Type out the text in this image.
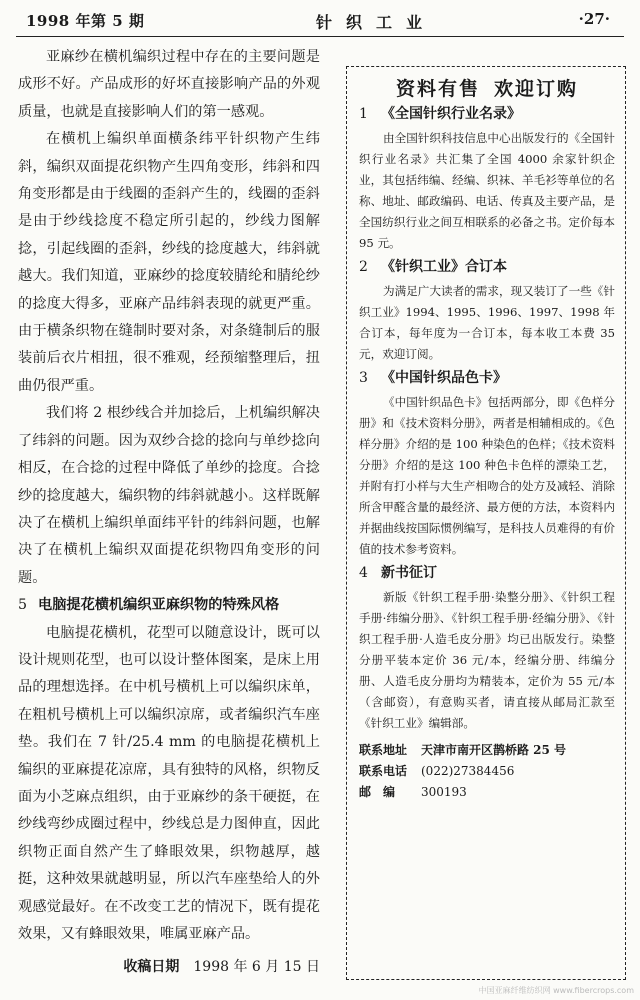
1998 年第 5 期	针织工业	·27·

亚麻纱在横机编织过程中存在的主要问题是成形不好。产品成形的好坏直接影响产品的外观质量，也就是直接影响人们的第一感观。

在横机上编织单面横条纬平针织物产生纬斜，编织双面提花织物产生四角变形，纬斜和四角变形都是由于线圈的歪斜产生的，线圈的歪斜是由于纱线捻度不稳定所引起的，纱线力图解捻，引起线圈的歪斜，纱线的捻度越大，纬斜就越大。我们知道，亚麻纱的捻度较腈纶和腈纶纱的捻度大得多，亚麻产品纬斜表现的就更严重。由于横条织物在缝制时要对条，对条缝制后的服装前后衣片相扭，很不雅观，经预缩整理后，扭曲仍很严重。

我们将 2 根纱线合并加捻后，上机编织解决了纬斜的问题。因为双纱合捻的捻向与单纱捻向相反，在合捻的过程中降低了单纱的捻度。合捻纱的捻度越大，编织物的纬斜就越小。这样既解决了在横机上编织单面纬平针的纬斜问题，也解决了在横机上编织双面提花织物四角变形的问题。

5 电脑提花横机编织亚麻织物的特殊风格

电脑提花横机，花型可以随意设计，既可以设计规则花型，也可以设计整体图案，是床上用品的理想选择。在中机号横机上可以编织床单，在粗机号横机上可以编织凉席，或者编织汽车座垫。我们在 7 针/25.4 mm 的电脑提花横机上编织的亚麻提花凉席，具有独特的风格，织物反面为小芝麻点组织，由于亚麻纱的条干硬挺，在纱线弯纱成圈过程中，纱线总是力图伸直，因此织物正面自然产生了蜂眼效果，织物越厚，越挺，这种效果就越明显，所以汽车座垫给人的外观感觉最好。在不改变工艺的情况下，既有提花效果，又有蜂眼效果，唯属亚麻产品。

收稿日期 1998 年 6 月 15 日
资料有售 欢迎订购
1 《全国针织行业名录》

由全国针织科技信息中心出版发行的《全国针织行业名录》共汇集了全国 4000 余家针织企业，其包括纬编、经编、织袜、羊毛衫等单位的名称、地址、邮政编码、电话、传真及主要产品，是全国纺织行业之间互相联系的必备之书。定价每本 95 元。

2 《针织工业》合订本

为满足广大读者的需求，现又装订了一些《针织工业》1994、1995、1996、1997、1998 年合订本，每年度为一合订本，每本收工本费 35 元，欢迎订阅。

3 《中国针织品色卡》

《中国针织品色卡》包括两部分，即《色样分册》和《技术资料分册》，两者是相辅相成的。《色样分册》介绍的是 100 种染色的色样；《技术资料分册》介绍的是这 100 种色卡色样的漂染工艺，并附有打小样与大生产相吻合的处方及减轻、消除所含甲醛含量的最经济、最方便的方法，本资料内并据曲线按国际惯例编写，是科技人员难得的有价值的技术参考资料。

4 新书征订

新版《针织工程手册·染整分册》、《针织工程手册·纬编分册》、《针织工程手册·经编分册》、《针织工程手册·人造毛皮分册》均已出版发行。染整分册平装本定价 36 元/本，经编分册、纬编分册、人造毛皮分册均为精装本，定价为 55 元/本（含邮资），有意购买者，请直接从邮局汇款至《针织工业》编辑部。

联系地址 天津市南开区鹊桥路 25 号
联系电话 (022)27384456
邮　编 300193
中国亚麻纤维纺织网 www.fibercrops.com
